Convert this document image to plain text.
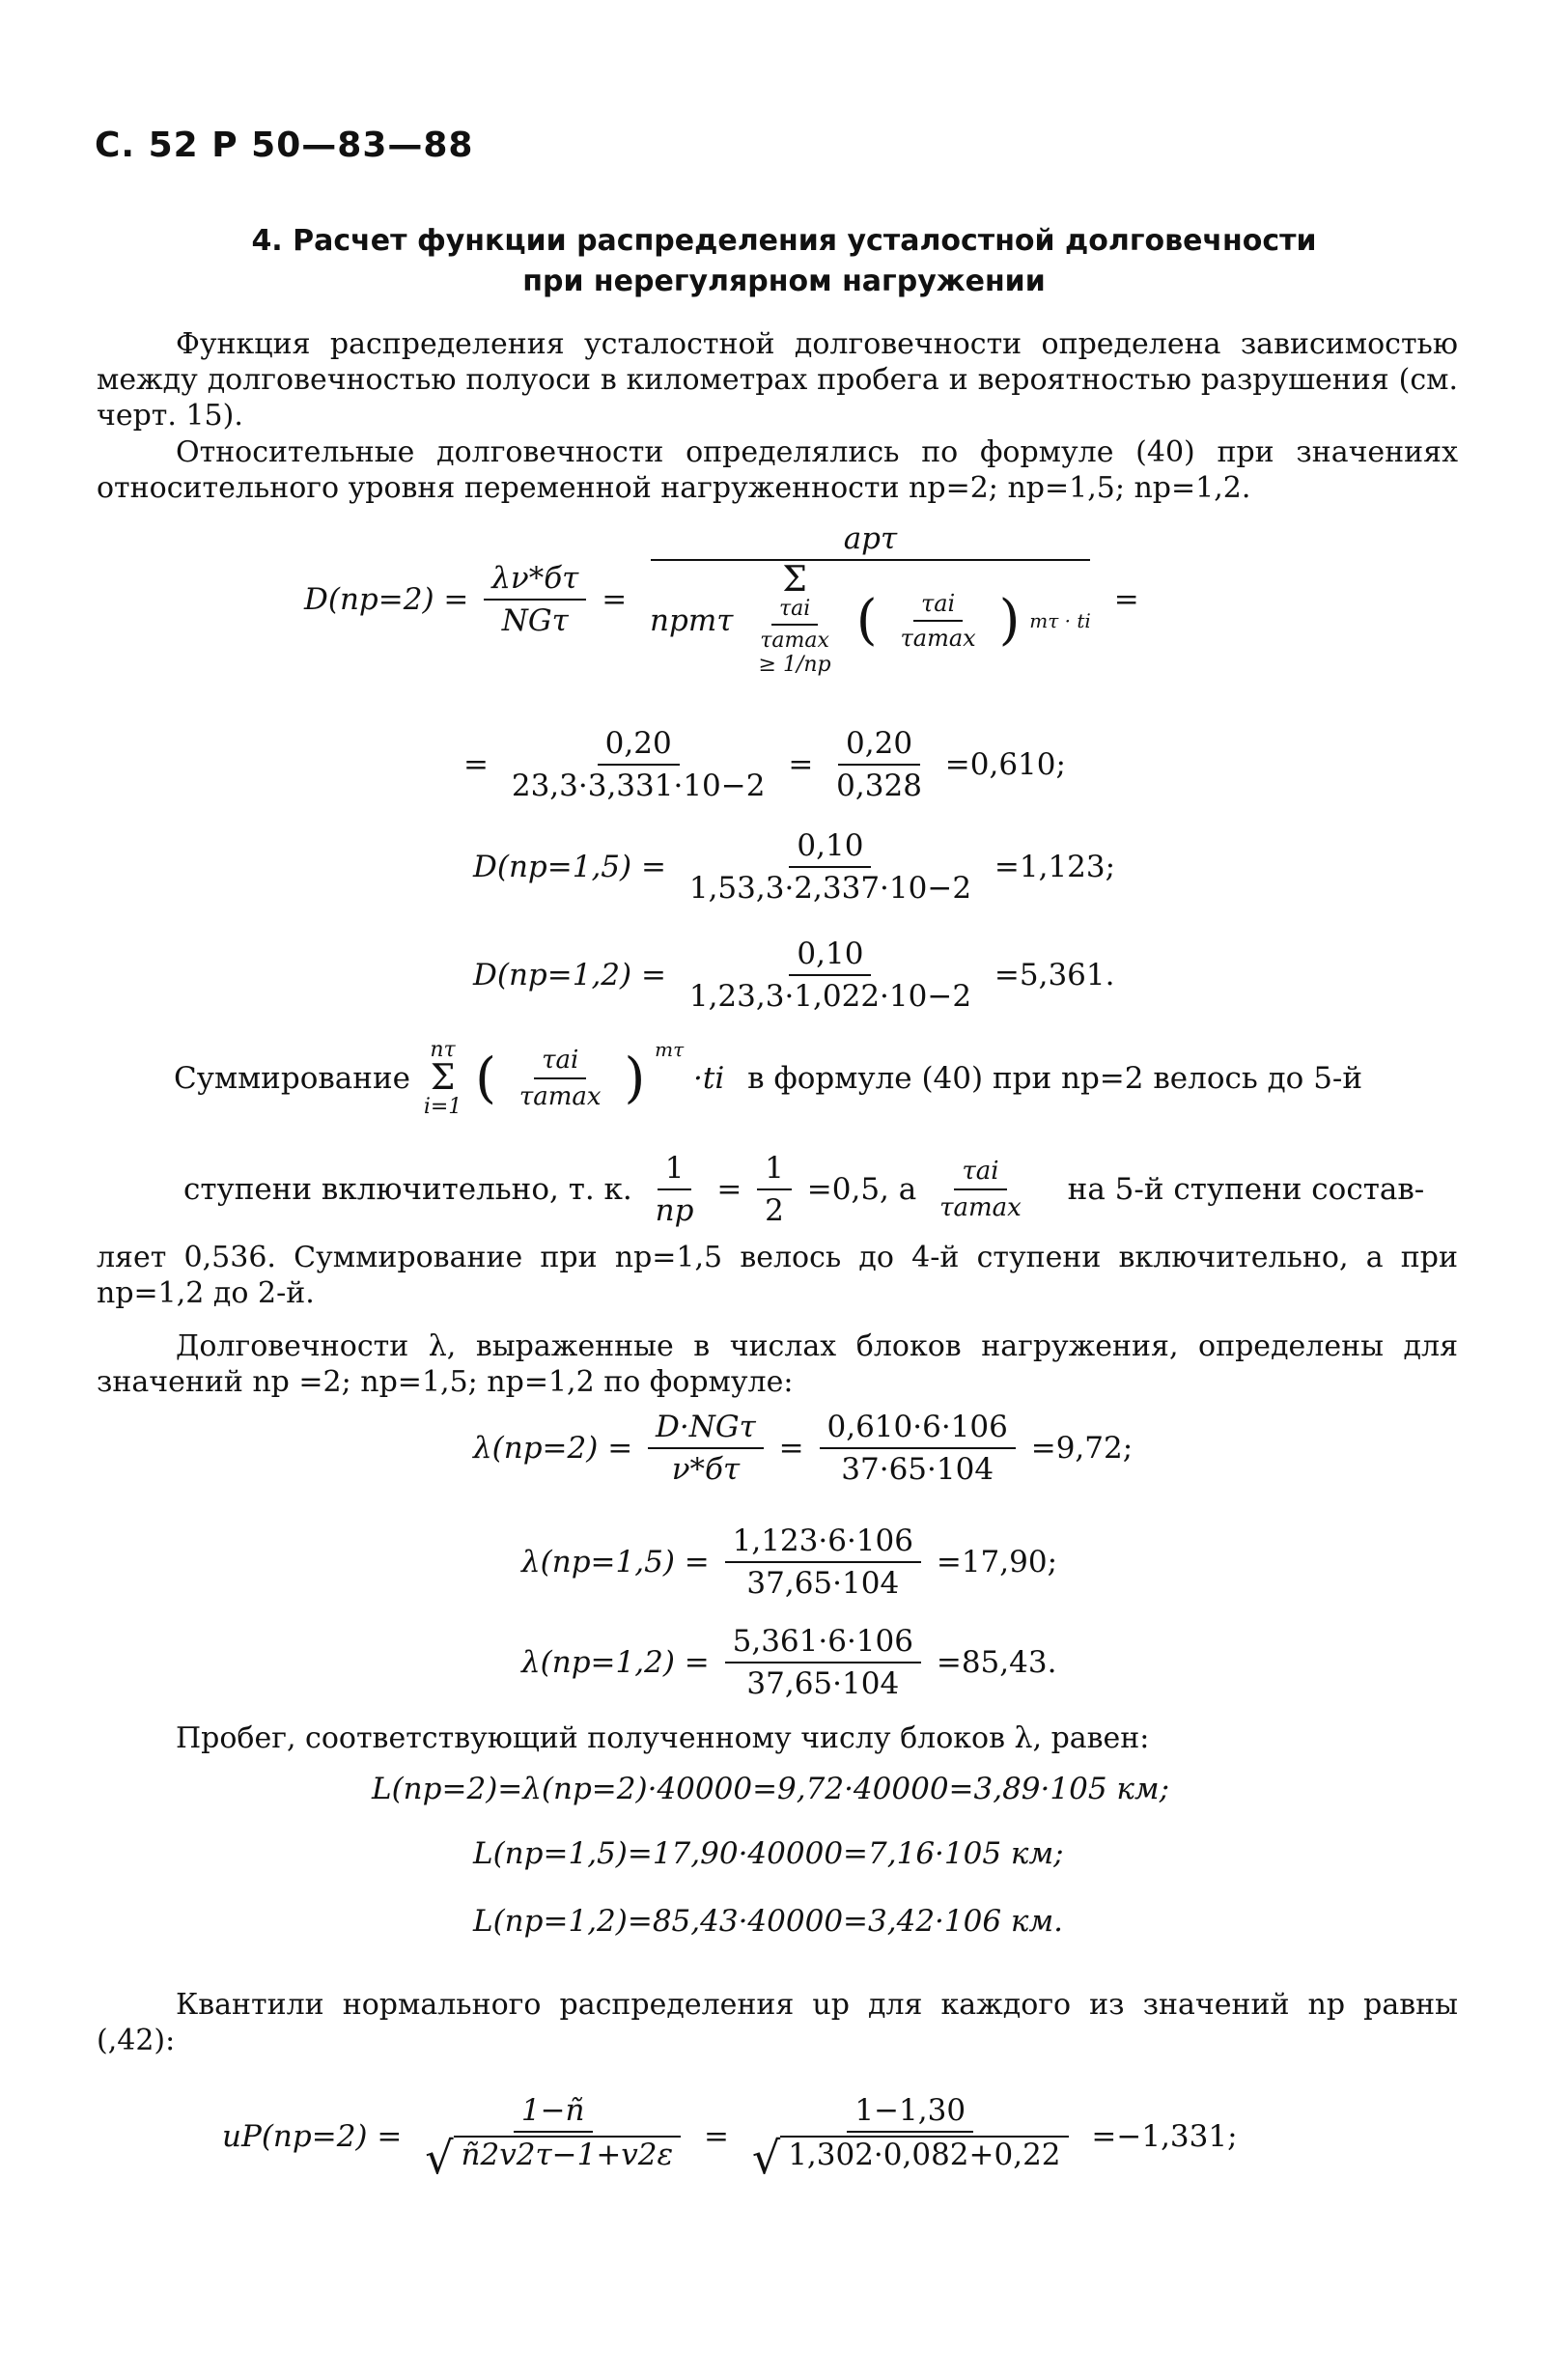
С. 52 Р 50—83—88
4. Расчет функции распределения усталостной долговечности
при нерегулярном нагружении
Функция распределения усталостной долговечности определена зависимостью между долговечностью полуоси в километрах пробега и вероятностью разрушения (см. черт. 15).
Относительные долговечности определялись по формуле (40) при значениях относительного уровня переменной нагруженности nр=2; nр=1,5; nр=1,2.
$D(nр=2) = \frac{\lambda\nu*б\tau}{\text{NGτ}}$ =
aрτ
nрmτ
Σ
$\frac{\text{τai}}{\tau amax}$
≥ 1/nр
( $\frac{\text{τai}}{\tau amax}$ ) mτ · ti
=
= $\frac{0,20}{23,3\cdot 3,331\cdot 10-2} = \frac{0,20}{0,328} =0,610$;
$D(nр=1,5) = \frac{0,10}{1,53,3\cdot 2,337\cdot 10-2} =1,123$;
$D(nр=1,2) = \frac{0,10}{1,23,3\cdot 1,022\cdot 10-2} =5,361$.
Суммирование
nτ
Σ
i=1 ( $\frac{\text{τai}}{\tau amax}$ ) mτ ·ti в формуле (40) при nр=2 велось до 5-й
ступени включительно, т. к. $\frac{1}{nр} = \frac{1}{2} =0,5$, а $\frac{\text{τai}}{\tau amax}$ на 5-й ступени состав-
ляет 0,536. Суммирование при nр=1,5 велось до 4-й ступени включительно, а при nр=1,2 до 2-й.
Долговечности λ, выраженные в числах блоков нагружения, определены для значений nр =2; nр=1,5; nр=1,2 по формуле:
$\lambda(nр=2) = \frac{\text{D·NGτ}}{\nu*б\tau} = \frac{0,610\cdot 6\cdot 106}{37\cdot 65\cdot 104} =9,72$;
$\lambda(nр=1,5) = \frac{1,123\cdot 6\cdot 106}{37,65\cdot 104} =17,90$;
$\lambda(nр=1,2) = \frac{5,361\cdot 6\cdot 106}{37,65\cdot 104} =85,43$.
Пробег, соответствующий полученному числу блоков λ, равен:
L(nр=2)=λ(nр=2)·40000=9,72·40000=3,89·105 км;
L(nр=1,5)=17,90·40000=7,16·105 км;
L(nр=1,2)=85,43·40000=3,42·106 км.
Квантили нормального распределения uр для каждого из значений nр равны (,42):
$uP(nр=2) = \frac{1-ñ}{√ ñ2v2\tau-1+v2\varepsilon} = \frac{1-1,30}{√ 1,302\cdot 0,082+0,22} =-1,331$;
